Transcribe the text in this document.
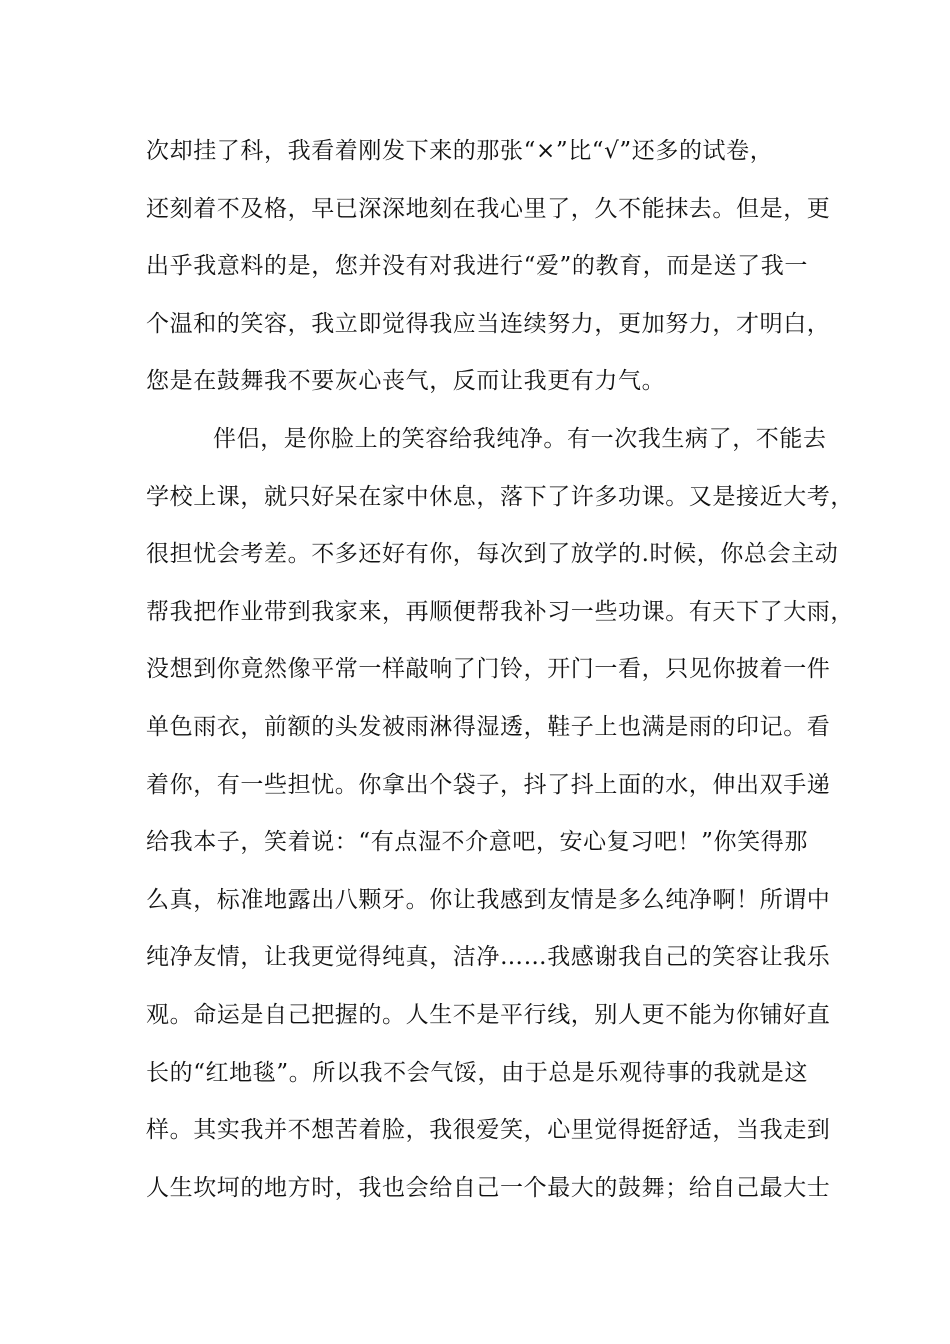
次却挂了科，我看着刚发下来的那张“×”比“√”还多的试卷，
还刻着不及格，早已深深地刻在我心里了，久不能抹去。但是，更
出乎我意料的是，您并没有对我进行“爱”的教育，而是送了我一
个温和的笑容，我立即觉得我应当连续努力，更加努力，才明白，
您是在鼓舞我不要灰心丧气，反而让我更有力气。
伴侣，是你脸上的笑容给我纯净。有一次我生病了，不能去
学校上课，就只好呆在家中休息，落下了许多功课。又是接近大考，
很担忧会考差。不多还好有你，每次到了放学的.时候，你总会主动
帮我把作业带到我家来，再顺便帮我补习一些功课。有天下了大雨，
没想到你竟然像平常一样敲响了门铃，开门一看，只见你披着一件
单色雨衣，前额的头发被雨淋得湿透，鞋子上也满是雨的印记。看
着你，有一些担忧。你拿出个袋子，抖了抖上面的水，伸出双手递
给我本子，笑着说：“有点湿不介意吧，安心复习吧！”你笑得那
么真，标准地露出八颗牙。你让我感到友情是多么纯净啊！所谓中
纯净友情，让我更觉得纯真，洁净……我感谢我自己的笑容让我乐
观。命运是自己把握的。人生不是平行线，别人更不能为你铺好直
长的“红地毯”。所以我不会气馁，由于总是乐观待事的我就是这
样。其实我并不想苦着脸，我很爱笑，心里觉得挺舒适，当我走到
人生坎坷的地方时，我也会给自己一个最大的鼓舞；给自己最大士
